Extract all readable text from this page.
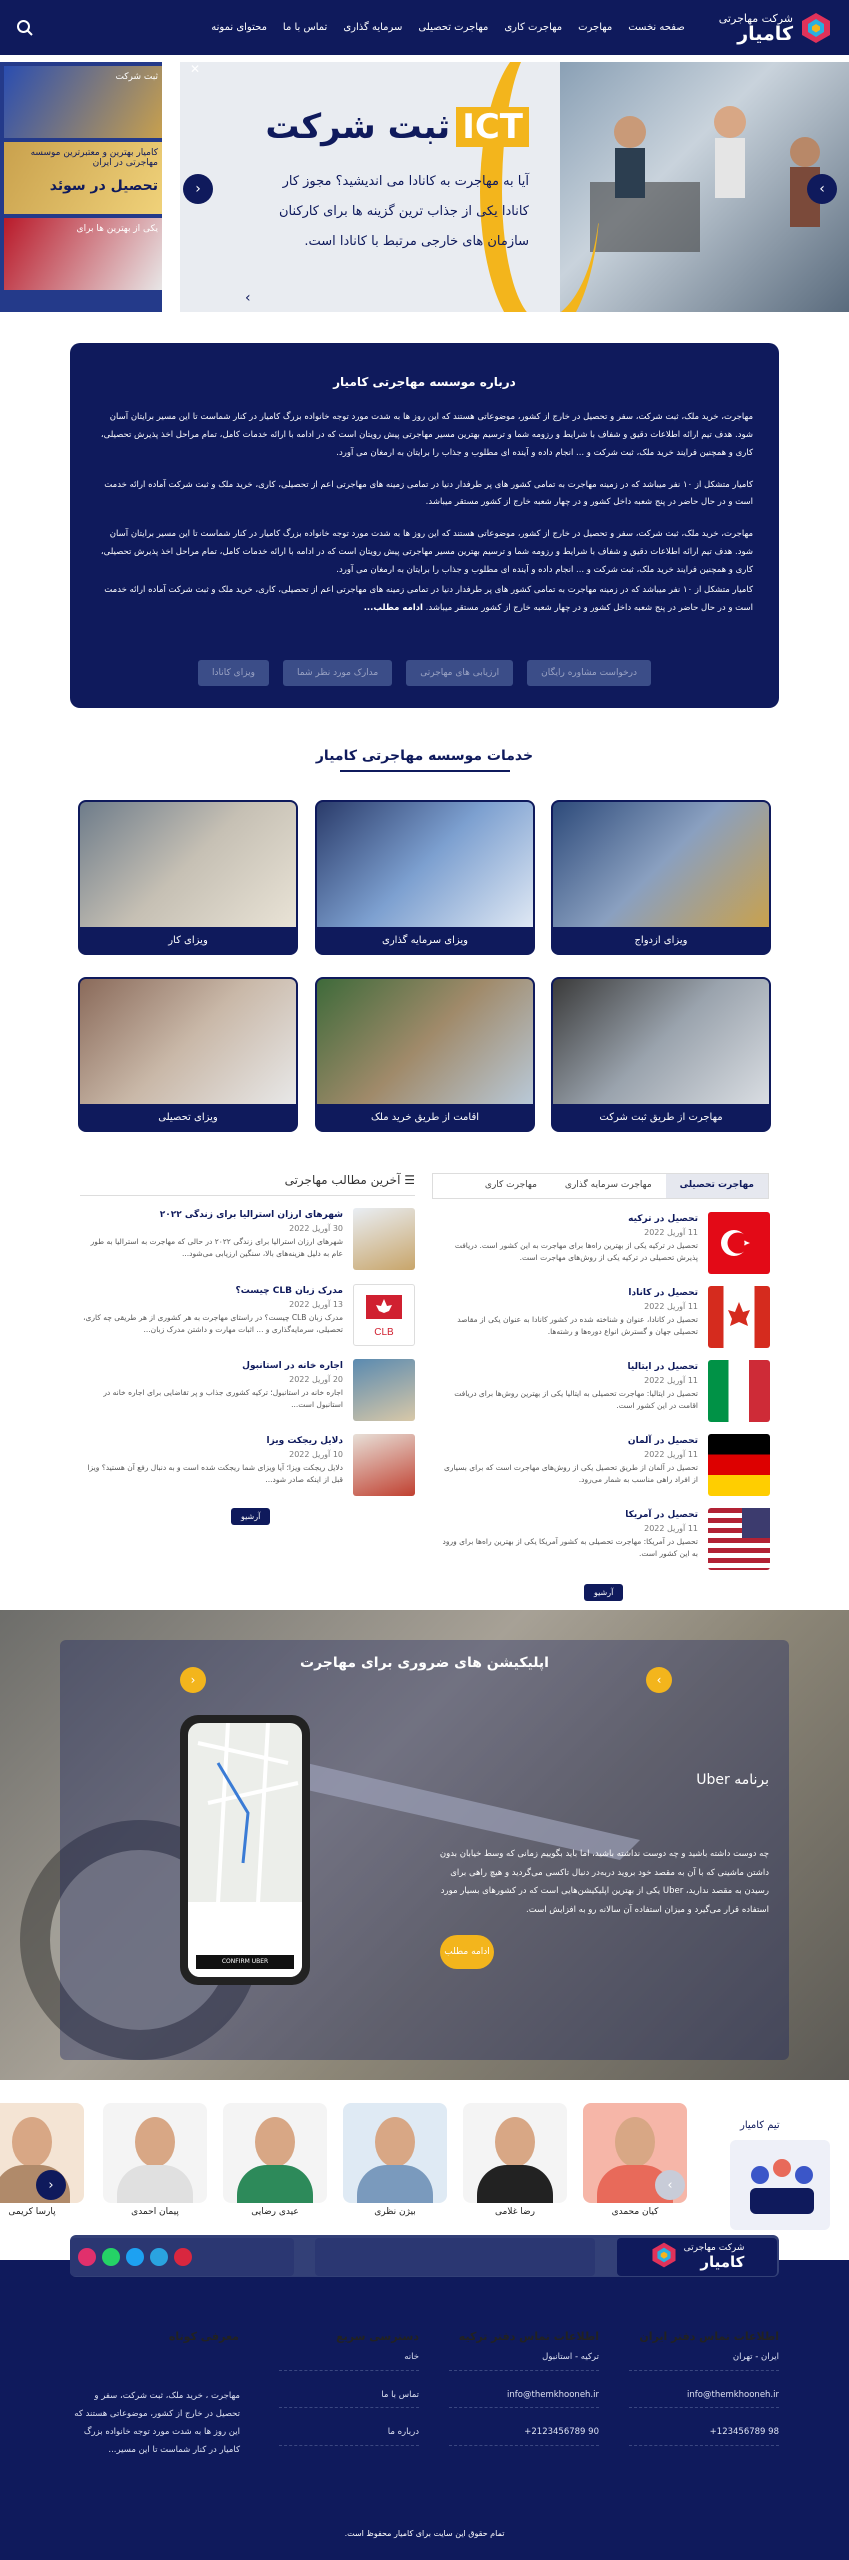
شرکت مهاجرتی
کامیار
صفحه نخست
مهاجرت
مهاجرت کاری
مهاجرت تحصیلی
سرمایه گذاری
تماس با ما
محتوای نمونه
ثبت شرکت
کامیار بهترین و معتبرترین موسسه مهاجرتی در ایران

تحصیل در سوئد
یکی از بهترین ها برای
ICTثبت شرکت
آیا به مهاجرت به کانادا می اندیشید؟ مجوز کار
کانادا یکی از جذاب ترین گزینه ها برای کارکنان
سازمان های خارجی مرتبط با کانادا است.
›
‹	›
✕
درباره موسسه مهاجرتی کامیار

مهاجرت، خرید ملک، ثبت شرکت، سفر و تحصیل در خارج از کشور، موضوعاتی هستند که این روز ها به شدت مورد توجه خانواده بزرگ کامیار در کنار شماست تا این مسیر برایتان آسان شود. هدف تیم ارائه اطلاعات دقیق و شفاف با شرایط و رزومه شما و ترسیم بهترین مسیر مهاجرتی پیش رویتان است که در ادامه با ارائه خدمات کامل، تمام مراحل اخذ پذیرش تحصیلی، کاری و همچنین فرایند خرید ملک، ثبت شرکت و ... انجام داده و آینده ای مطلوب و جذاب را برایتان به ارمغان می آورد.

کامیار متشکل از ۱۰ نفر میباشد که در زمینه مهاجرت به تمامی کشور های پر طرفدار دنیا در تمامی زمینه های مهاجرتی اعم از تحصیلی، کاری، خرید ملک و ثبت شرکت آماده ارائه خدمت است و در حال حاضر در پنج شعبه داخل کشور و در چهار شعبه خارج از کشور مستقر میباشد.

مهاجرت، خرید ملک، ثبت شرکت، سفر و تحصیل در خارج از کشور، موضوعاتی هستند که این روز ها به شدت مورد توجه خانواده بزرگ کامیار در کنار شماست تا این مسیر برایتان آسان شود. هدف تیم ارائه اطلاعات دقیق و شفاف با شرایط و رزومه شما و ترسیم بهترین مسیر مهاجرتی پیش رویتان است که در ادامه با ارائه خدمات کامل، تمام مراحل اخذ پذیرش تحصیلی، کاری و همچنین فرایند خرید ملک، ثبت شرکت و ... انجام داده و آینده ای مطلوب و جذاب را برایتان به ارمغان می آورد.

کامیار متشکل از ۱۰ نفر میباشد که در زمینه مهاجرت به تمامی کشور های پر طرفدار دنیا در تمامی زمینه های مهاجرتی اعم از تحصیلی، کاری، خرید ملک و ثبت شرکت آماده ارائه خدمت است و در حال حاضر در پنج شعبه داخل کشور و در چهار شعبه خارج از کشور مستقر میباشد. ادامه مطلب...

درخواست مشاوره رایگان
ارزیابی های مهاجرتی
مدارک مورد نظر شما
ویزای کانادا
خدمات موسسه مهاجرتی کامیار
ویزای ازدواج
ویزای سرمایه گذاری
ویزای کار
مهاجرت از طریق ثبت شرکت
اقامت از طریق خرید ملک
ویزای تحصیلی
مهاجرت تحصیلی
مهاجرت سرمایه گذاری
مهاجرت کاری
تحصیل در ترکیه
11 آوریل 2022
تحصیل در ترکیه یکی از بهترین راه‌ها برای مهاجرت به این کشور است. دریافت پذیرش تحصیلی در ترکیه یکی از روش‌های مهاجرت است.
تحصیل در کانادا
11 آوریل 2022
تحصیل در کانادا، عنوان و شناخته شده در کشور کانادا به عنوان یکی از مقاصد تحصیلی جهان و گسترش انواع دوره‌ها و رشته‌ها.
تحصیل در ایتالیا
11 آوریل 2022
تحصیل در ایتالیا: مهاجرت تحصیلی به ایتالیا یکی از بهترین روش‌ها برای دریافت اقامت در این کشور است.
تحصیل در آلمان
11 آوریل 2022
تحصیل در آلمان از طریق تحصیل یکی از روش‌های مهاجرت است که برای بسیاری از افراد راهی مناسب به شمار می‌رود.
تحصیل در آمریکا
11 آوریل 2022
تحصیل در آمریکا: مهاجرت تحصیلی به کشور آمریکا یکی از بهترین راه‌ها برای ورود به این کشور است.
آرشیو
☰ آخرین مطالب مهاجرتی
شهرهای ارزان استرالیا برای زندگی ۲۰۲۲
30 آوریل 2022
شهرهای ارزان استرالیا برای زندگی ۲۰۲۲ در حالی که مهاجرت به استرالیا به طور عام به دلیل هزینه‌های بالا، سنگین ارزیابی می‌شود...
CLB
مدرک زبان CLB چیست؟
13 آوریل 2022
مدرک زبان CLB چیست؟ در راستای مهاجرت به هر کشوری از هر طریقی چه کاری، تحصیلی، سرمایه‌گذاری و ... اثبات مهارت و داشتن مدرک زبان...
اجاره خانه در استانبول
20 آوریل 2022
اجاره خانه در استانبول؛ ترکیه کشوری جذاب و پر تقاضایی برای اجاره خانه در استانبول است...
دلایل ریجکت ویزا
10 آوریل 2022
دلایل ریجکت ویزا؛ آیا ویزای شما ریجکت شده است و به دنبال رفع آن هستید؟ ویزا قبل از اینکه صادر شود...
آرشیو
CONFIRM UBER
اپلیکیشن های ضروری برای مهاجرت
‹	›
برنامه Uber
چه دوست داشته باشید و چه دوست نداشته باشید، اما باید بگوییم زمانی که وسط خیابان بدون داشتن ماشینی که با آن به مقصد خود بروید دربه‌در دنبال تاکسی می‌گردید و هیچ راهی برای رسیدن به مقصد ندارید، Uber یکی از بهترین اپلیکیشن‌هایی است که در کشورهای بسیار مورد استفاده قرار می‌گیرد و میزان استفاده آن سالانه رو به افزایش است.
ادامه مطلب
تیم کامیار
کیان محمدی
رضا غلامی
بیژن نظری
عیدی رضایی
پیمان احمدی
پارسا کریمی
›
‹
شرکت مهاجرتی
کامیار
اطلاعات تماس دفتر ایران
ایران - تهران
info@themkhooneh.ir
98 123456789+
اطلاعات تماس دفتر ترکیه
ترکیه - استانبول
info@themkhooneh.ir
90 2123456789+
دسترسی سریع
خانه
تماس با ما
درباره ما
معرفی کوتاه
مهاجرت ، خرید ملک، ثبت شرکت، سفر و تحصیل در خارج از کشور، موضوعاتی هستند که این روز ها به شدت مورد توجه خانواده بزرگ کامیار در کنار شماست تا این مسیر...
تمام حقوق این سایت برای کامیار محفوظ است.
